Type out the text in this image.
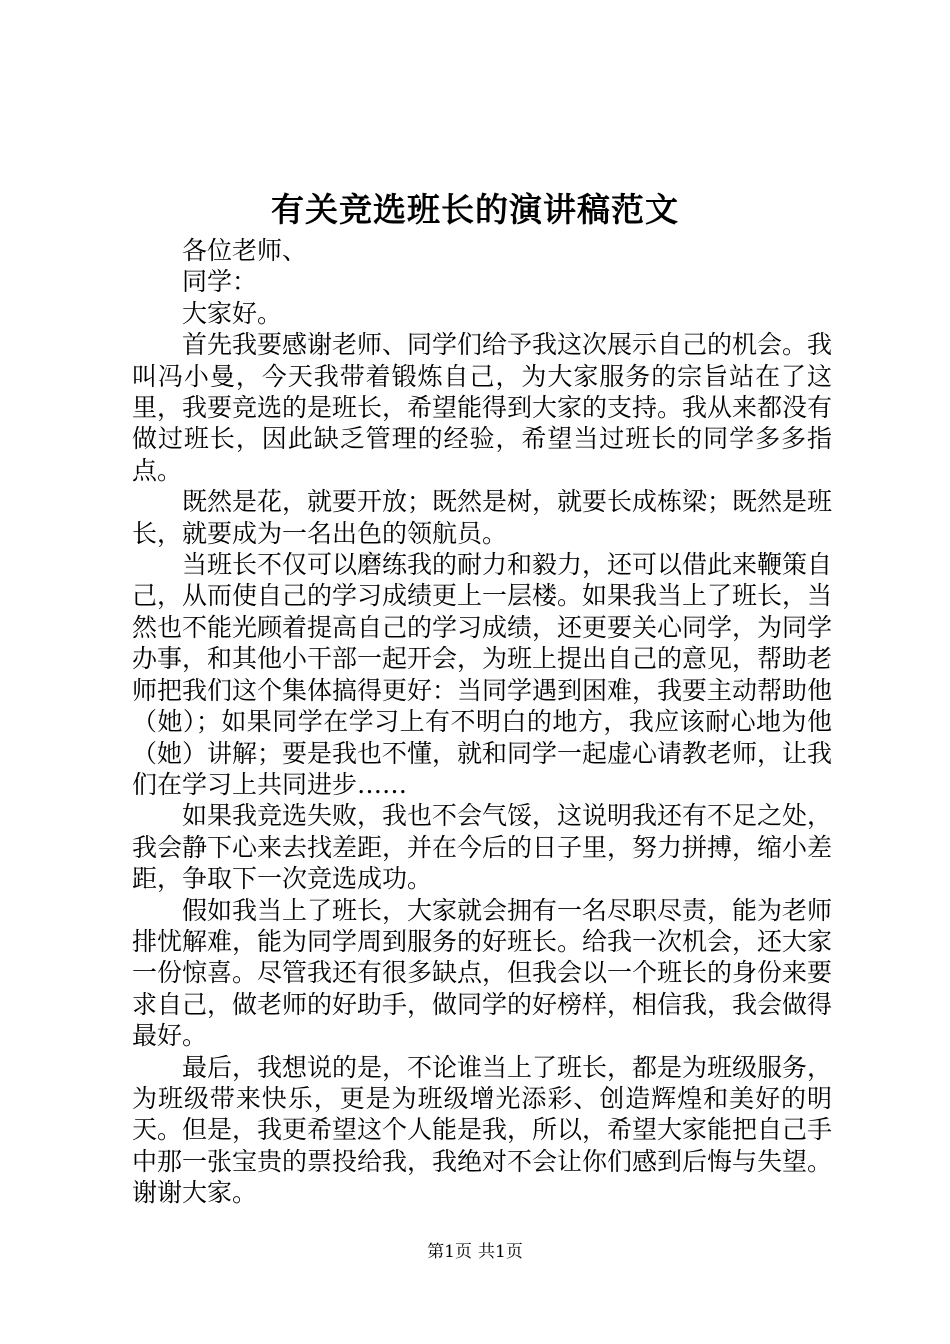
有关竞选班长的演讲稿范文

各位老师、

同学：

大家好。

首先我要感谢老师、同学们给予我这次展示自己的机会。我叫冯小曼，今天我带着锻炼自己，为大家服务的宗旨站在了这里，我要竞选的是班长，希望能得到大家的支持。我从来都没有做过班长，因此缺乏管理的经验，希望当过班长的同学多多指点。

既然是花，就要开放；既然是树，就要长成栋梁；既然是班长，就要成为一名出色的领航员。

当班长不仅可以磨练我的耐力和毅力，还可以借此来鞭策自己，从而使自己的学习成绩更上一层楼。如果我当上了班长，当然也不能光顾着提高自己的学习成绩，还更要关心同学，为同学办事，和其他小干部一起开会，为班上提出自己的意见，帮助老师把我们这个集体搞得更好：当同学遇到困难，我要主动帮助他（她）；如果同学在学习上有不明白的地方，我应该耐心地为他（她）讲解；要是我也不懂，就和同学一起虚心请教老师，让我们在学习上共同进步……

如果我竞选失败，我也不会气馁，这说明我还有不足之处，我会静下心来去找差距，并在今后的日子里，努力拼搏，缩小差距，争取下一次竞选成功。

假如我当上了班长，大家就会拥有一名尽职尽责，能为老师排忧解难，能为同学周到服务的好班长。给我一次机会，还大家一份惊喜。尽管我还有很多缺点，但我会以一个班长的身份来要求自己，做老师的好助手，做同学的好榜样，相信我，我会做得最好。

最后，我想说的是，不论谁当上了班长，都是为班级服务，为班级带来快乐，更是为班级增光添彩、创造辉煌和美好的明天。但是，我更希望这个人能是我，所以，希望大家能把自己手中那一张宝贵的票投给我，我绝对不会让你们感到后悔与失望。谢谢大家。

第1页 共1页
